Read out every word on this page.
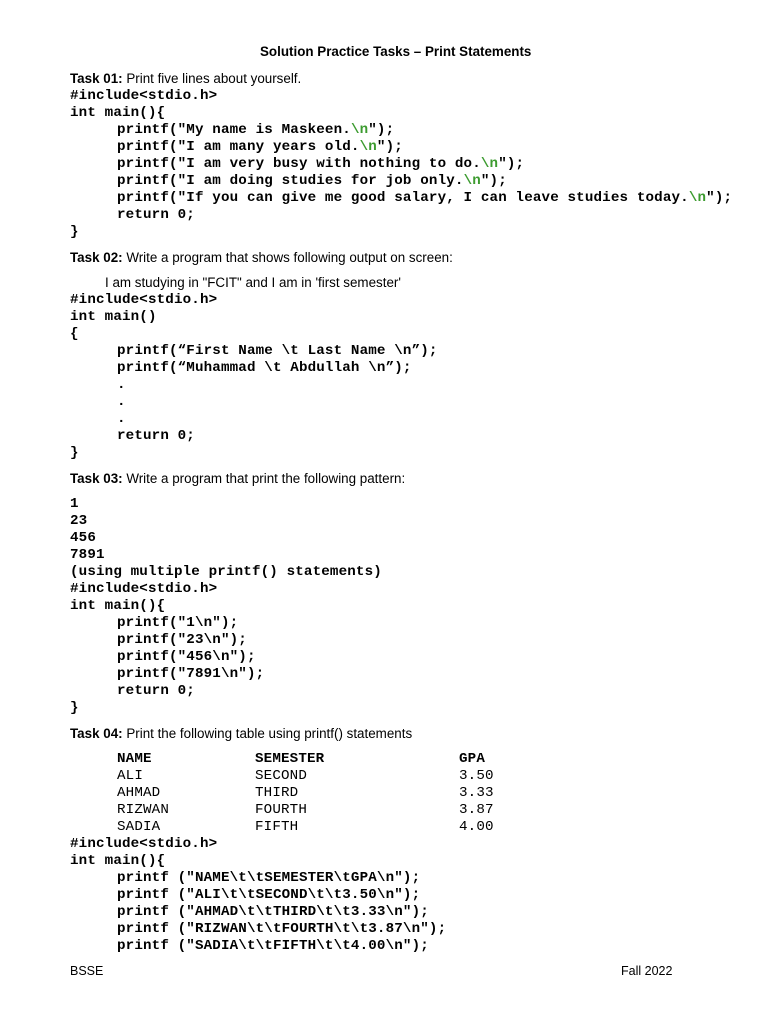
Solution Practice Tasks – Print Statements
Task 01: Print five lines about yourself.
#include<stdio.h>
int main(){
printf("My name is Maskeen.\n");
printf("I am many years old.\n");
printf("I am very busy with nothing to do.\n");
printf("I am doing studies for job only.\n");
printf("If you can give me good salary, I can leave studies today.\n");
return 0;
}
Task 02: Write a program that shows following output on screen:
I am studying in "FCIT" and I am in 'first semester'
#include<stdio.h>
int main()
{
printf(“First Name \t Last Name \n”);
printf(“Muhammad \t Abdullah \n”);
.
.
.
return 0;
}
Task 03: Write a program that print the following pattern:
1
23
456
7891
(using multiple printf() statements)
#include<stdio.h>
int main(){
printf("1\n");
printf("23\n");
printf("456\n");
printf("7891\n");
return 0;
}
Task 04: Print the following table using printf() statements
NAME	SEMESTER	GPA
ALI	SECOND	3.50
AHMAD	THIRD	3.33
RIZWAN	FOURTH	3.87
SADIA	FIFTH	4.00
#include<stdio.h>
int main(){
printf ("NAME\t\tSEMESTER\tGPA\n");
printf ("ALI\t\tSECOND\t\t3.50\n");
printf ("AHMAD\t\tTHIRD\t\t3.33\n");
printf ("RIZWAN\t\tFOURTH\t\t3.87\n");
printf ("SADIA\t\tFIFTH\t\t4.00\n");
BSSE	Fall 2022
